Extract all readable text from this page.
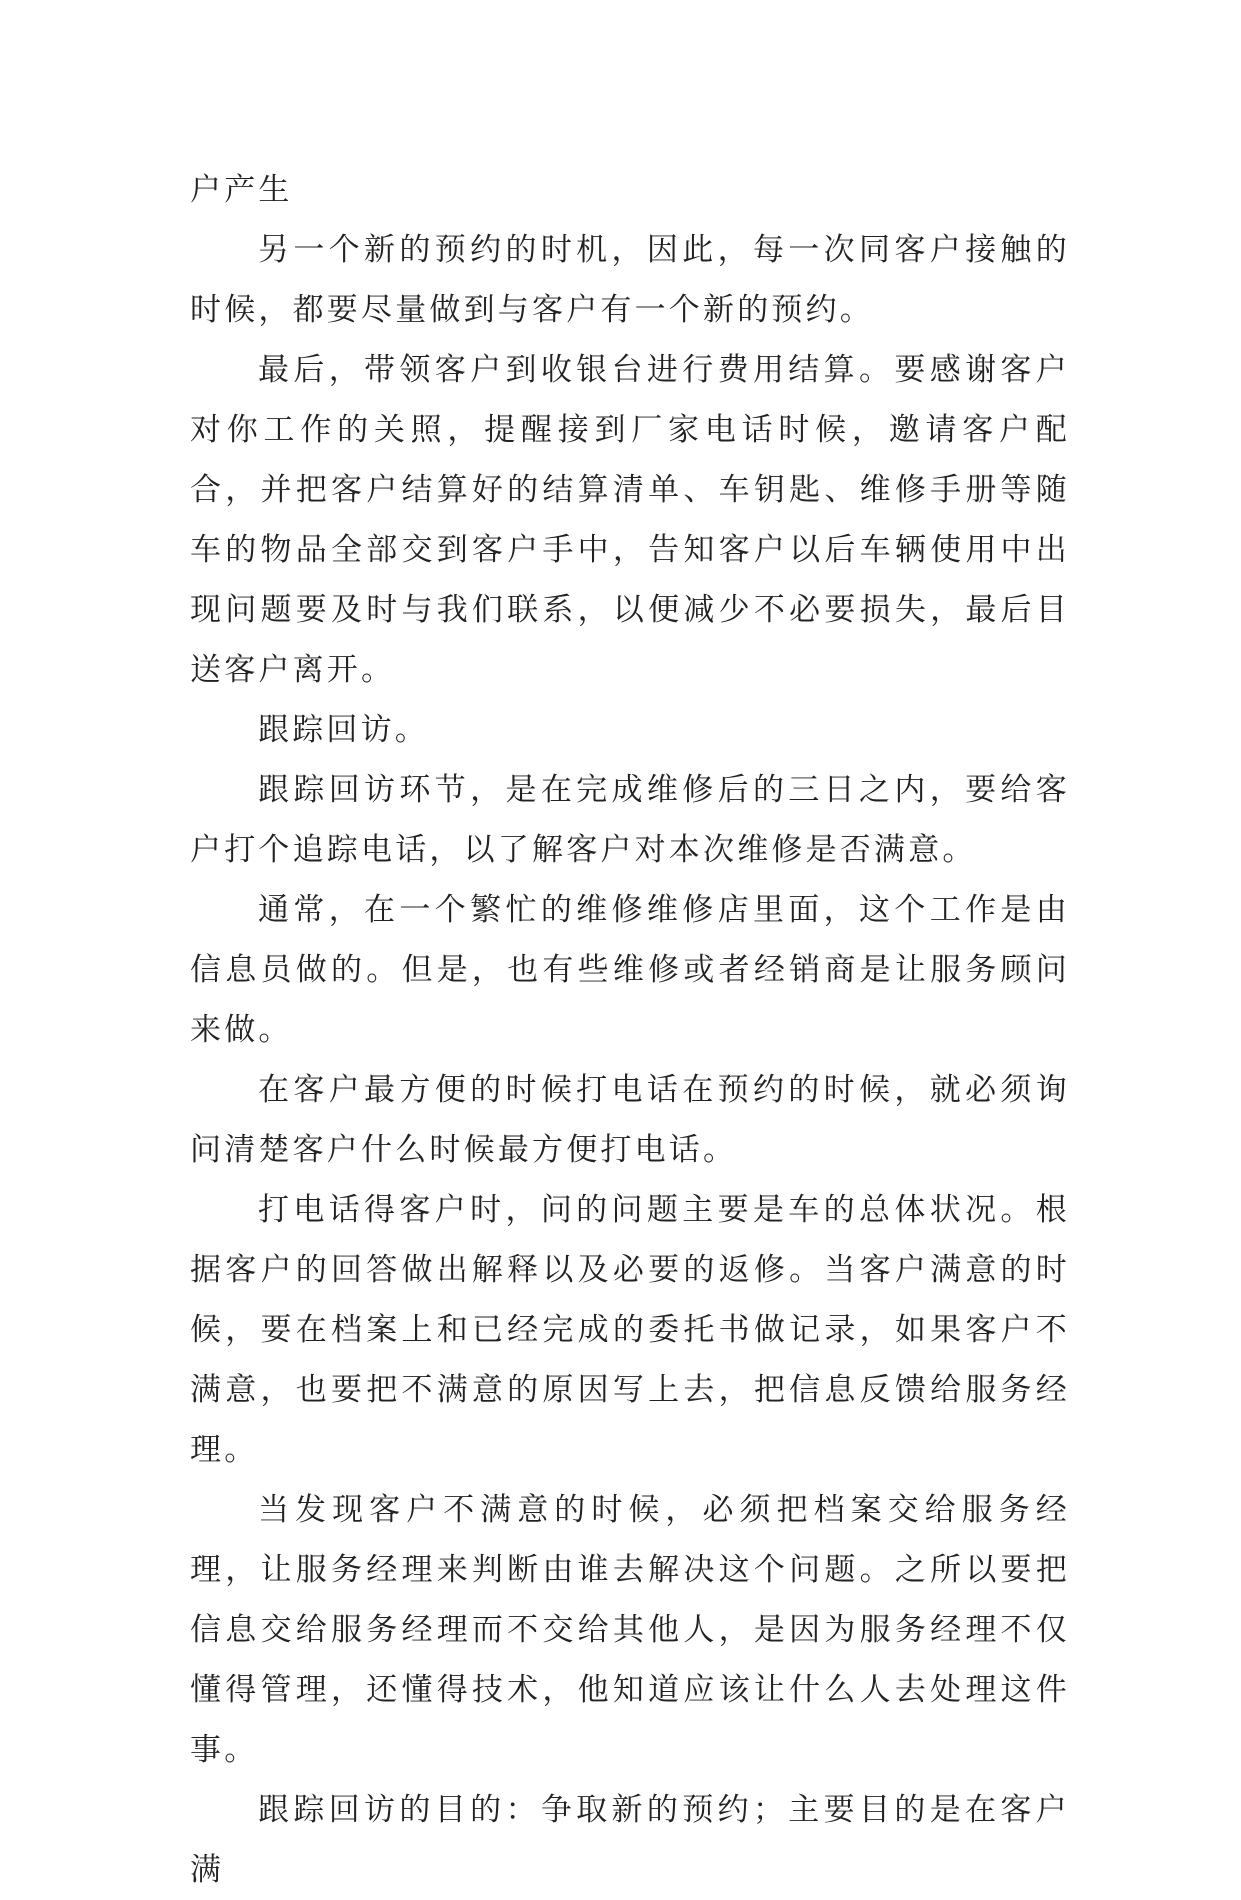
户产生

另一个新的预约的时机，因此，每一次同客户接触的时候，都要尽量做到与客户有一个新的预约。

最后，带领客户到收银台进行费用结算。要感谢客户对你工作的关照，提醒接到厂家电话时候，邀请客户配合，并把客户结算好的结算清单、车钥匙、维修手册等随车的物品全部交到客户手中，告知客户以后车辆使用中出现问题要及时与我们联系，以便减少不必要损失，最后目送客户离开。

跟踪回访。

跟踪回访环节，是在完成维修后的三日之内，要给客户打个追踪电话，以了解客户对本次维修是否满意。

通常，在一个繁忙的维修维修店里面，这个工作是由信息员做的。但是，也有些维修或者经销商是让服务顾问来做。

在客户最方便的时候打电话在预约的时候，就必须询问清楚客户什么时候最方便打电话。

打电话得客户时，问的问题主要是车的总体状况。根据客户的回答做出解释以及必要的返修。当客户满意的时候，要在档案上和已经完成的委托书做记录，如果客户不满意，也要把不满意的原因写上去，把信息反馈给服务经理。

当发现客户不满意的时候，必须把档案交给服务经理，让服务经理来判断由谁去解决这个问题。之所以要把信息交给服务经理而不交给其他人，是因为服务经理不仅懂得管理，还懂得技术，他知道应该让什么人去处理这件事。

跟踪回访的目的：争取新的预约；主要目的是在客户满
